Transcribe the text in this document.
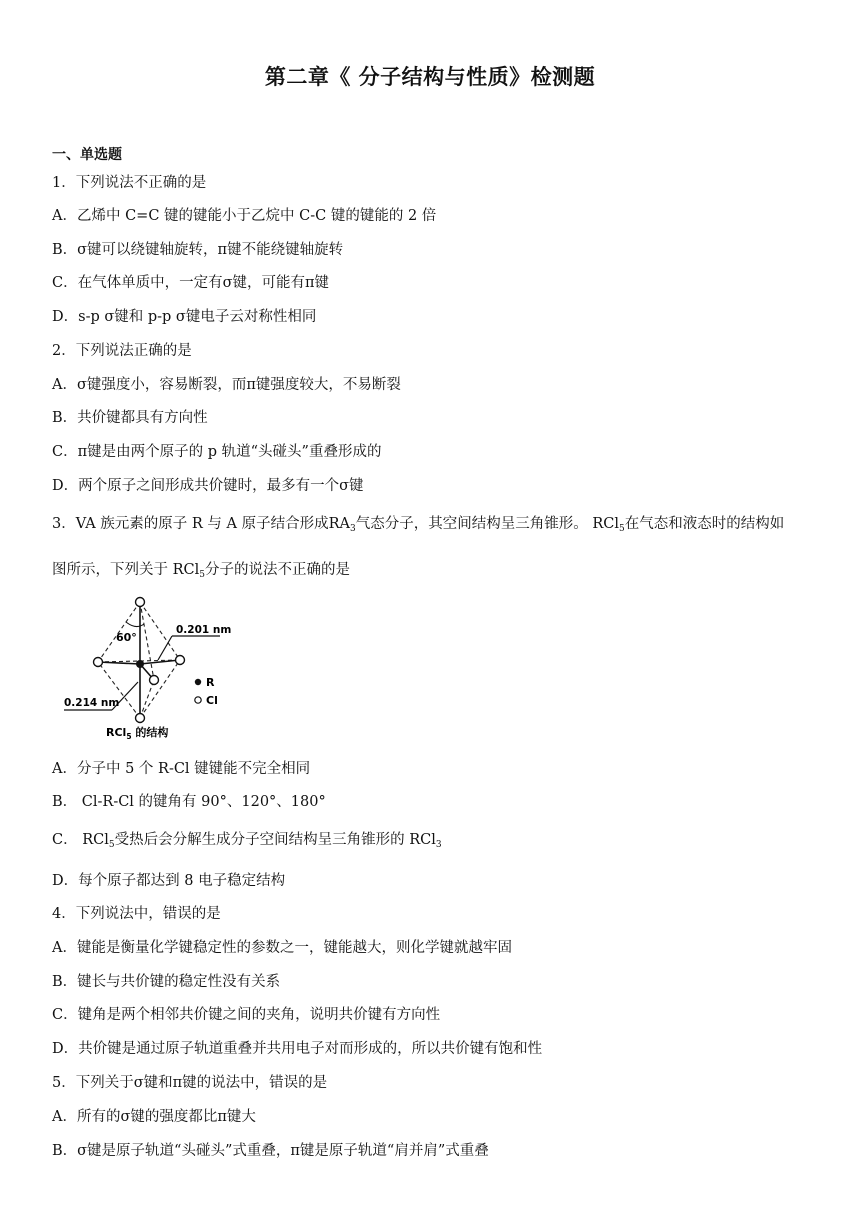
第二章《 分子结构与性质》检测题
一、单选题
1．下列说法不正确的是
A．乙烯中 C=C 键的键能小于乙烷中 C-C 键的键能的 2 倍
B．σ键可以绕键轴旋转，π键不能绕键轴旋转
C．在气体单质中，一定有σ键，可能有π键
D．s-p σ键和 p-p σ键电子云对称性相同
2．下列说法正确的是
A．σ键强度小，容易断裂，而π键强度较大，不易断裂
B．共价键都具有方向性
C．π键是由两个原子的 p 轨道“头碰头”重叠形成的
D．两个原子之间形成共价键时，最多有一个σ键
3．VA 族元素的原子 R 与 A 原子结合形成$RA_3$气态分子，其空间结构呈三角锥形。 RCl$_5$在气态和液态时的结构如
图所示，下列关于 RCl$_5$分子的说法不正确的是
60°
0.201 nm
0.214 nm
R
Cl
RCl$_5$ 的结构
A．分子中 5 个 R-Cl 键键能不完全相同
B． Cl-R-Cl 的键角有 90°、120°、180°
C． RCl$_5$受热后会分解生成分子空间结构呈三角锥形的 RCl$_3$
D．每个原子都达到 8 电子稳定结构
4．下列说法中，错误的是
A．键能是衡量化学键稳定性的参数之一，键能越大，则化学键就越牢固
B．键长与共价键的稳定性没有关系
C．键角是两个相邻共价键之间的夹角，说明共价键有方向性
D．共价键是通过原子轨道重叠并共用电子对而形成的，所以共价键有饱和性
5．下列关于σ键和π键的说法中，错误的是
A．所有的σ键的强度都比π键大
B．σ键是原子轨道“头碰头”式重叠，π键是原子轨道“肩并肩”式重叠
